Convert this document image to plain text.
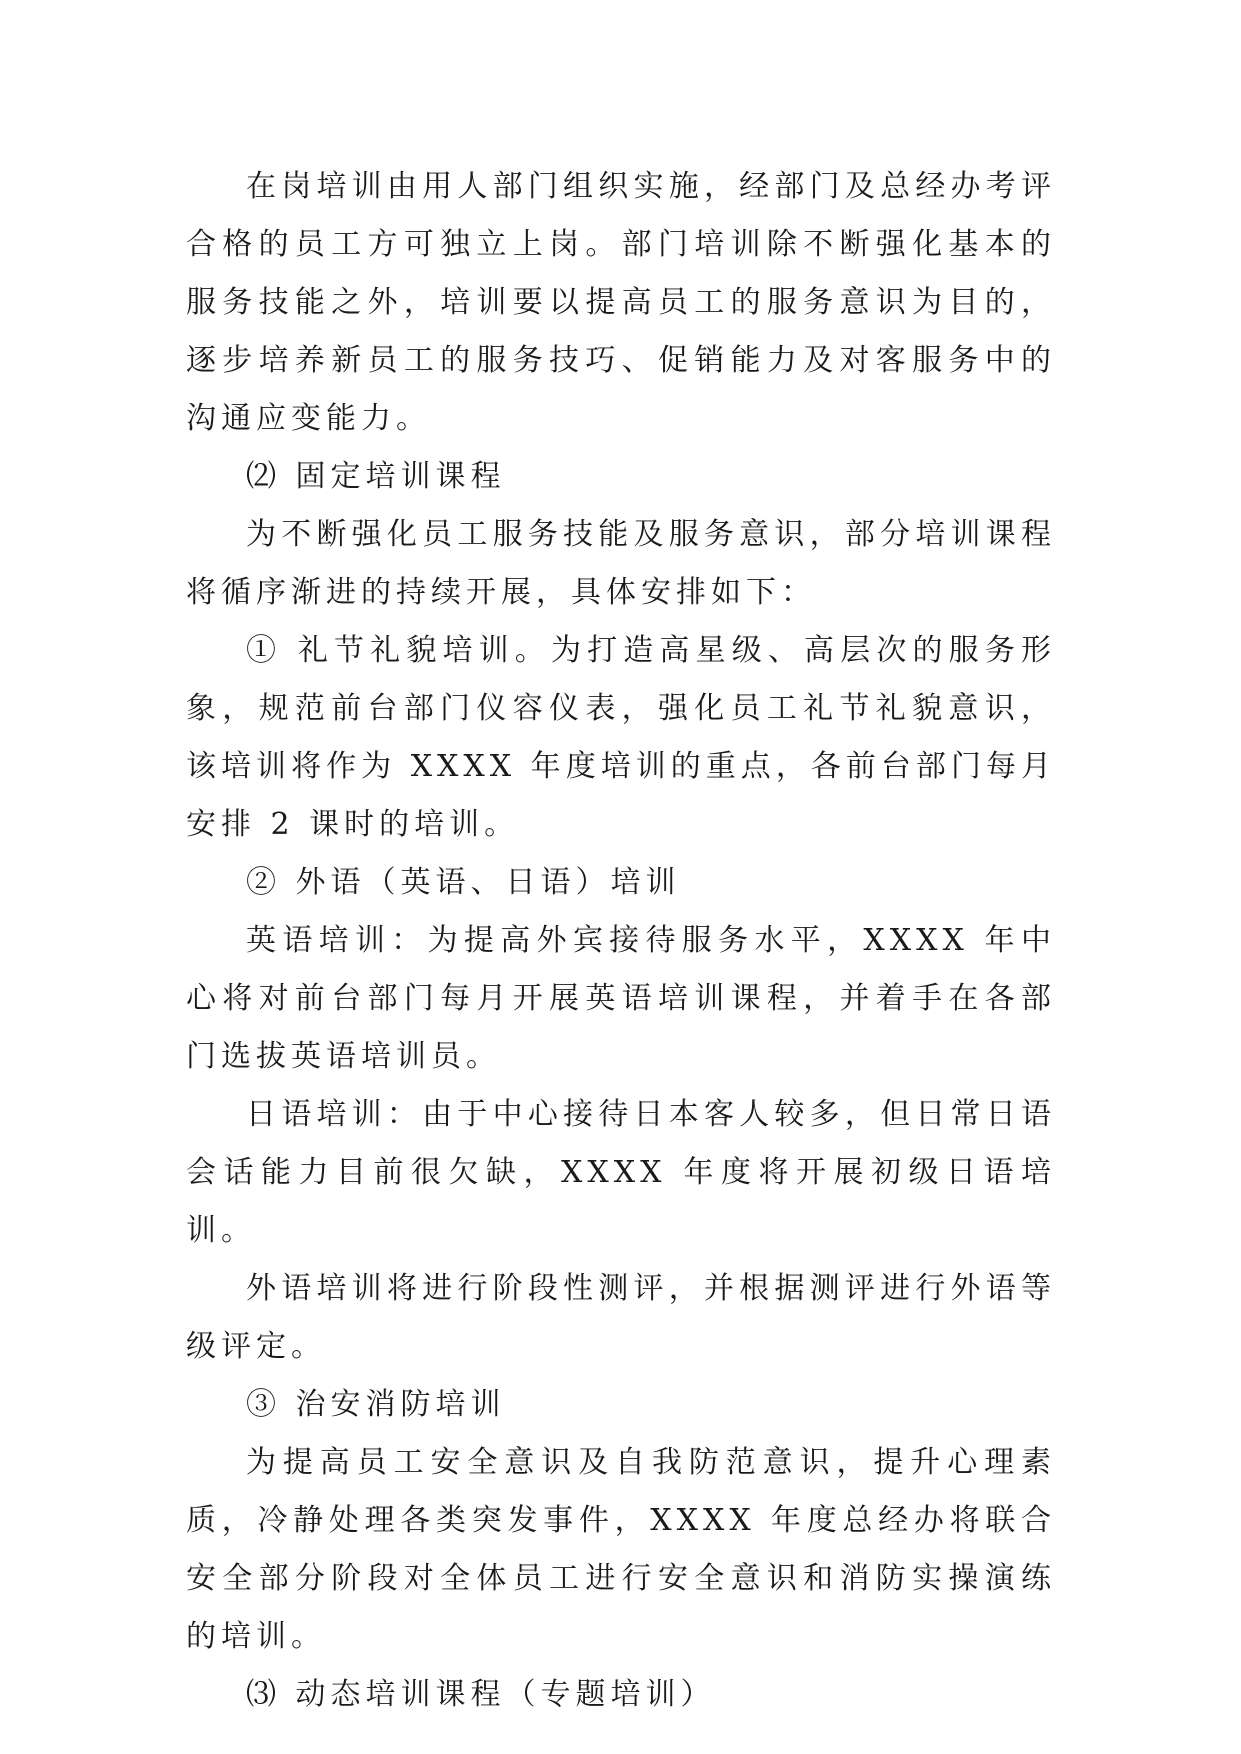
在岗培训由用人部门组织实施，经部门及总经办考评合格的员工方可独立上岗。部门培训除不断强化基本的服务技能之外，培训要以提高员工的服务意识为目的，逐步培养新员工的服务技巧、促销能力及对客服务中的沟通应变能力。

⑵ 固定培训课程

为不断强化员工服务技能及服务意识，部分培训课程将循序渐进的持续开展，具体安排如下：

① 礼节礼貌培训。为打造高星级、高层次的服务形象，规范前台部门仪容仪表，强化员工礼节礼貌意识，该培训将作为 XXXX 年度培训的重点，各前台部门每月安排 2 课时的培训。

② 外语（英语、日语）培训

英语培训：为提高外宾接待服务水平，XXXX 年中心将对前台部门每月开展英语培训课程，并着手在各部门选拔英语培训员。

日语培训：由于中心接待日本客人较多，但日常日语会话能力目前很欠缺，XXXX 年度将开展初级日语培训。

外语培训将进行阶段性测评，并根据测评进行外语等级评定。

③ 治安消防培训

为提高员工安全意识及自我防范意识，提升心理素质，冷静处理各类突发事件，XXXX 年度总经办将联合安全部分阶段对全体员工进行安全意识和消防实操演练的培训。

⑶ 动态培训课程（专题培训）
